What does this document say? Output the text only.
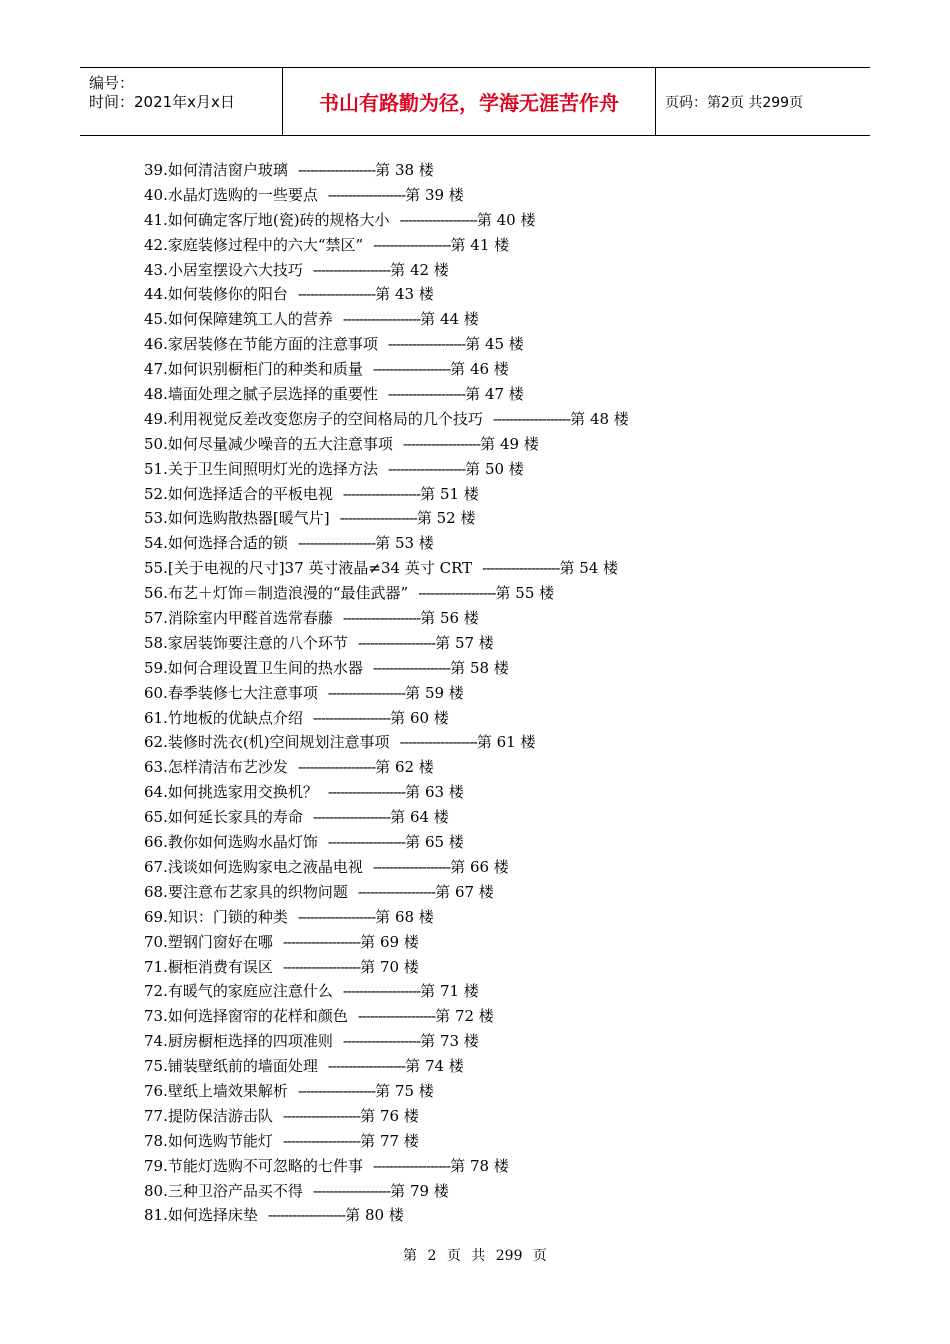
编号：
时间：2021年x月x日	书山有路勤为径，学海无涯苦作舟	页码：第2页 共299页
39.如何清洁窗户玻璃 -------------------第 38 楼
40.水晶灯选购的一些要点 -------------------第 39 楼
41.如何确定客厅地(瓷)砖的规格大小 -------------------第 40 楼
42.家庭装修过程中的六大“禁区” -------------------第 41 楼
43.小居室摆设六大技巧 -------------------第 42 楼
44.如何装修你的阳台 -------------------第 43 楼
45.如何保障建筑工人的营养 -------------------第 44 楼
46.家居装修在节能方面的注意事项 -------------------第 45 楼
47.如何识别橱柜门的种类和质量 -------------------第 46 楼
48.墙面处理之腻子层选择的重要性 -------------------第 47 楼
49.利用视觉反差改变您房子的空间格局的几个技巧 -------------------第 48 楼
50.如何尽量减少噪音的五大注意事项 -------------------第 49 楼
51.关于卫生间照明灯光的选择方法 -------------------第 50 楼
52.如何选择适合的平板电视 -------------------第 51 楼
53.如何选购散热器[暖气片] -------------------第 52 楼
54.如何选择合适的锁 -------------------第 53 楼
55.[关于电视的尺寸]37 英寸液晶≠34 英寸 CRT -------------------第 54 楼
56.布艺＋灯饰＝制造浪漫的“最佳武器” -------------------第 55 楼
57.消除室内甲醛首选常春藤 -------------------第 56 楼
58.家居装饰要注意的八个环节 -------------------第 57 楼
59.如何合理设置卫生间的热水器 -------------------第 58 楼
60.春季装修七大注意事项 -------------------第 59 楼
61.竹地板的优缺点介绍 -------------------第 60 楼
62.装修时洗衣(机)空间规划注意事项 -------------------第 61 楼
63.怎样清洁布艺沙发 -------------------第 62 楼
64.如何挑选家用交换机？ -------------------第 63 楼
65.如何延长家具的寿命 -------------------第 64 楼
66.教你如何选购水晶灯饰 -------------------第 65 楼
67.浅谈如何选购家电之液晶电视 -------------------第 66 楼
68.要注意布艺家具的织物问题 -------------------第 67 楼
69.知识：门锁的种类 -------------------第 68 楼
70.塑钢门窗好在哪 -------------------第 69 楼
71.橱柜消费有误区 -------------------第 70 楼
72.有暖气的家庭应注意什么 -------------------第 71 楼
73.如何选择窗帘的花样和颜色 -------------------第 72 楼
74.厨房橱柜选择的四项准则 -------------------第 73 楼
75.铺装壁纸前的墙面处理 -------------------第 74 楼
76.壁纸上墙效果解析 -------------------第 75 楼
77.提防保洁游击队 -------------------第 76 楼
78.如何选购节能灯 -------------------第 77 楼
79.节能灯选购不可忽略的七件事 -------------------第 78 楼
80.三种卫浴产品买不得 -------------------第 79 楼
81.如何选择床垫 -------------------第 80 楼
第 2 页 共 299 页
